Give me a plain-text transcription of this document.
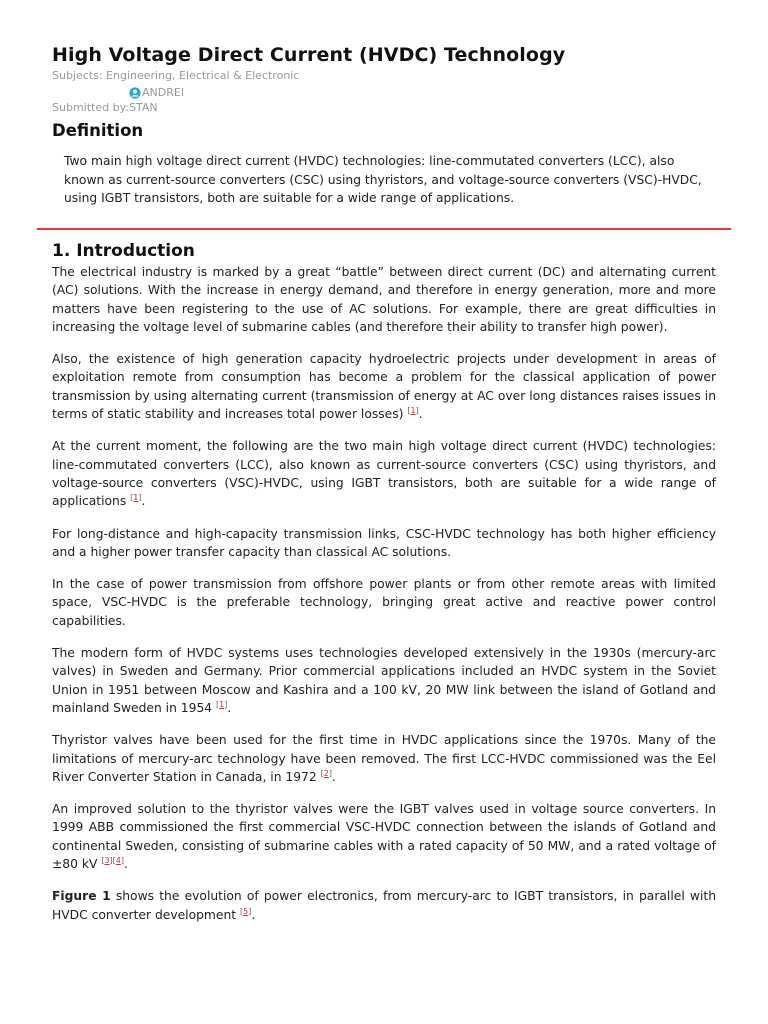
High Voltage Direct Current (HVDC) Technology
Subjects: Engineering, Electrical & Electronic
ANDREI
Submitted by:STAN
Definition

Two main high voltage direct current (HVDC) technologies: line-commutated converters (LCC), also known as current-source converters (CSC) using thyristors, and voltage-source converters (VSC)-HVDC, using IGBT transistors, both are suitable for a wide range of applications.

1. Introduction

The electrical industry is marked by a great “battle” between direct current (DC) and alternating current (AC) solutions. With the increase in energy demand, and therefore in energy generation, more and more matters have been registering to the use of AC solutions. For example, there are great difficulties in increasing the voltage level of submarine cables (and therefore their ability to transfer high power).

Also, the existence of high generation capacity hydroelectric projects under development in areas of exploitation remote from consumption has become a problem for the classical application of power transmission by using alternating current (transmission of energy at AC over long distances raises issues in terms of static stability and increases total power losses) [1].

At the current moment, the following are the two main high voltage direct current (HVDC) technologies: line-commutated converters (LCC), also known as current-source converters (CSC) using thyristors, and voltage-source converters (VSC)-HVDC, using IGBT transistors, both are suitable for a wide range of applications [1].

For long-distance and high-capacity transmission links, CSC-HVDC technology has both higher efficiency and a higher power transfer capacity than classical AC solutions.

In the case of power transmission from offshore power plants or from other remote areas with limited space, VSC-HVDC is the preferable technology, bringing great active and reactive power control capabilities.

The modern form of HVDC systems uses technologies developed extensively in the 1930s (mercury-arc valves) in Sweden and Germany. Prior commercial applications included an HVDC system in the Soviet Union in 1951 between Moscow and Kashira and a 100 kV, 20 MW link between the island of Gotland and mainland Sweden in 1954 [1].

Thyristor valves have been used for the first time in HVDC applications since the 1970s. Many of the limitations of mercury-arc technology have been removed. The first LCC-HVDC commissioned was the Eel River Converter Station in Canada, in 1972 [2].

An improved solution to the thyristor valves were the IGBT valves used in voltage source converters. In 1999 ABB commissioned the first commercial VSC-HVDC connection between the islands of Gotland and continental Sweden, consisting of submarine cables with a rated capacity of 50 MW, and a rated voltage of ±80 kV [3][4].

Figure 1 shows the evolution of power electronics, from mercury-arc to IGBT transistors, in parallel with HVDC converter development [5].
